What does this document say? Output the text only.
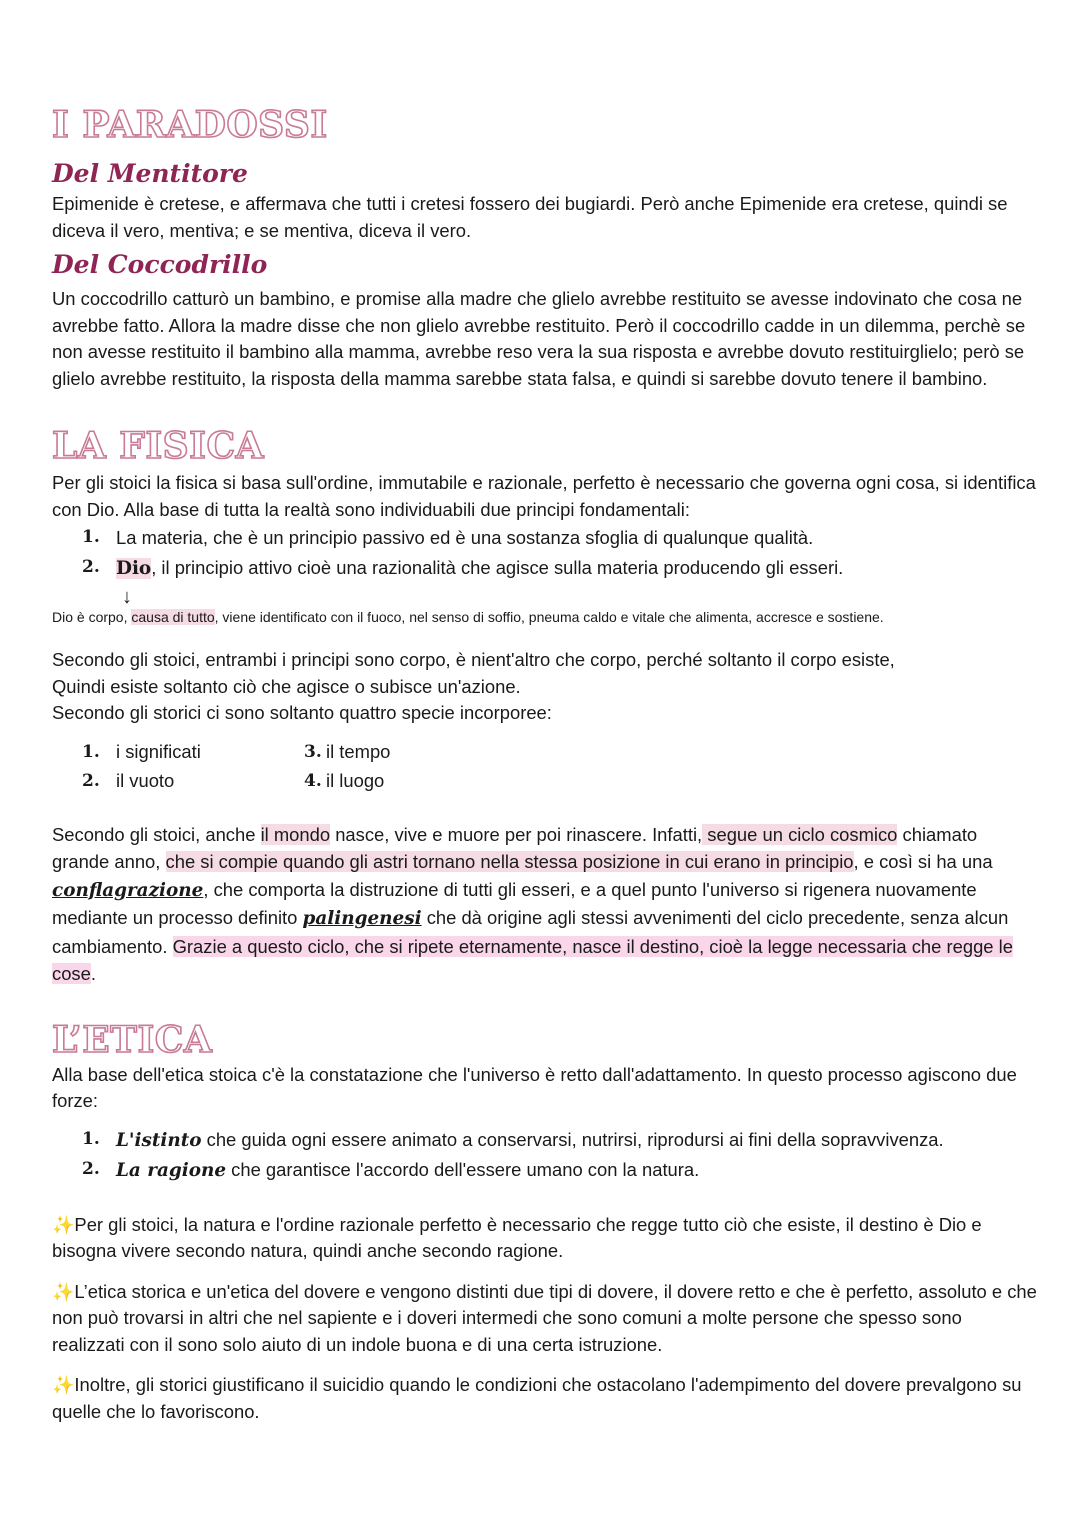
I PARADOSSI
Del Mentitore

Epimenide è cretese, e affermava che tutti i cretesi fossero dei bugiardi. Però anche Epimenide era cretese, quindi se diceva il vero, mentiva; e se mentiva, diceva il vero.

Del Coccodrillo

Un coccodrillo catturò un bambino, e promise alla madre che glielo avrebbe restituito se avesse indovinato che cosa ne avrebbe fatto. Allora la madre disse che non glielo avrebbe restituito. Però il coccodrillo cadde in un dilemma, perchè se non avesse restituito il bambino alla mamma, avrebbe reso vera la sua risposta e avrebbe dovuto restituirglielo; però se glielo avrebbe restituito, la risposta della mamma sarebbe stata falsa, e quindi si sarebbe dovuto tenere il bambino.

LA FISICA

Per gli stoici la fisica si basa sull'ordine, immutabile e razionale, perfetto è necessario che governa ogni cosa, si identifica con Dio. Alla base di tutta la realtà sono individuabili due principi fondamentali:

1. La materia, che è un principio passivo ed è una sostanza sfoglia di qualunque qualità.
2. Dio, il principio attivo cioè una razionalità che agisce sulla materia producendo gli esseri.
↓

Dio è corpo, causa di tutto, viene identificato con il fuoco, nel senso di soffio, pneuma caldo e vitale che alimenta, accresce e sostiene.

Secondo gli stoici, entrambi i principi sono corpo, è nient'altro che corpo, perché soltanto il corpo esiste,

Quindi esiste soltanto ciò che agisce o subisce un'azione.

Secondo gli storici ci sono soltanto quattro specie incorporee:

1. i significati	3. il tempo
2. il vuoto	4. il luogo

Secondo gli stoici, anche il mondo nasce, vive e muore per poi rinascere. Infatti, segue un ciclo cosmico chiamato grande anno, che si compie quando gli astri tornano nella stessa posizione in cui erano in principio, e così si ha una conflagrazione, che comporta la distruzione di tutti gli esseri, e a quel punto l'universo si rigenera nuovamente mediante un processo definito palingenesi che dà origine agli stessi avvenimenti del ciclo precedente, senza alcun cambiamento. Grazie a questo ciclo, che si ripete eternamente, nasce il destino, cioè la legge necessaria che regge le cose.

L’ETICA

Alla base dell'etica stoica c'è la constatazione che l'universo è retto dall'adattamento. In questo processo agiscono due forze:

1. L'istinto che guida ogni essere animato a conservarsi, nutrirsi, riprodursi ai fini della sopravvivenza.
2. La ragione che garantisce l'accordo dell'essere umano con la natura.

✨Per gli stoici, la natura e l'ordine razionale perfetto è necessario che regge tutto ciò che esiste, il destino è Dio e bisogna vivere secondo natura, quindi anche secondo ragione.

✨L’etica storica e un'etica del dovere e vengono distinti due tipi di dovere, il dovere retto e che è perfetto, assoluto e che non può trovarsi in altri che nel sapiente e i doveri intermedi che sono comuni a molte persone che spesso sono realizzati con il sono solo aiuto di un indole buona e di una certa istruzione.

✨Inoltre, gli storici giustificano il suicidio quando le condizioni che ostacolano l'adempimento del dovere prevalgono su quelle che lo favoriscono.
